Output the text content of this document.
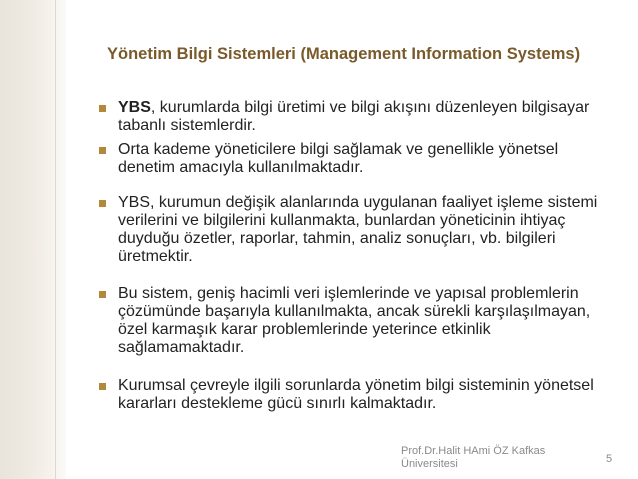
Yönetim Bilgi Sistemleri (Management Information Systems)
YBS, kurumlarda bilgi üretimi ve bilgi akışını düzenleyen bilgisayar tabanlı sistemlerdir.
Orta kademe yöneticilere bilgi sağlamak ve genellikle yönetsel denetim amacıyla kullanılmaktadır.
YBS, kurumun değişik alanlarında uygulanan faaliyet işleme sistemi verilerini ve bilgilerini kullanmakta, bunlardan yöneticinin ihtiyaç duyduğu özetler, raporlar, tahmin, analiz sonuçları, vb. bilgileri üretmektir.
Bu sistem, geniş hacimli veri işlemlerinde ve yapısal problemlerin çözümünde başarıyla kullanılmakta, ancak sürekli karşılaşılmayan, özel karmaşık karar problemlerinde yeterince etkinlik sağlamamaktadır.
Kurumsal çevreyle ilgili sorunlarda yönetim bilgi sisteminin yönetsel kararları destekleme gücü sınırlı kalmaktadır.
Prof.Dr.Halit HAmi ÖZ Kafkas Üniversitesi	5
